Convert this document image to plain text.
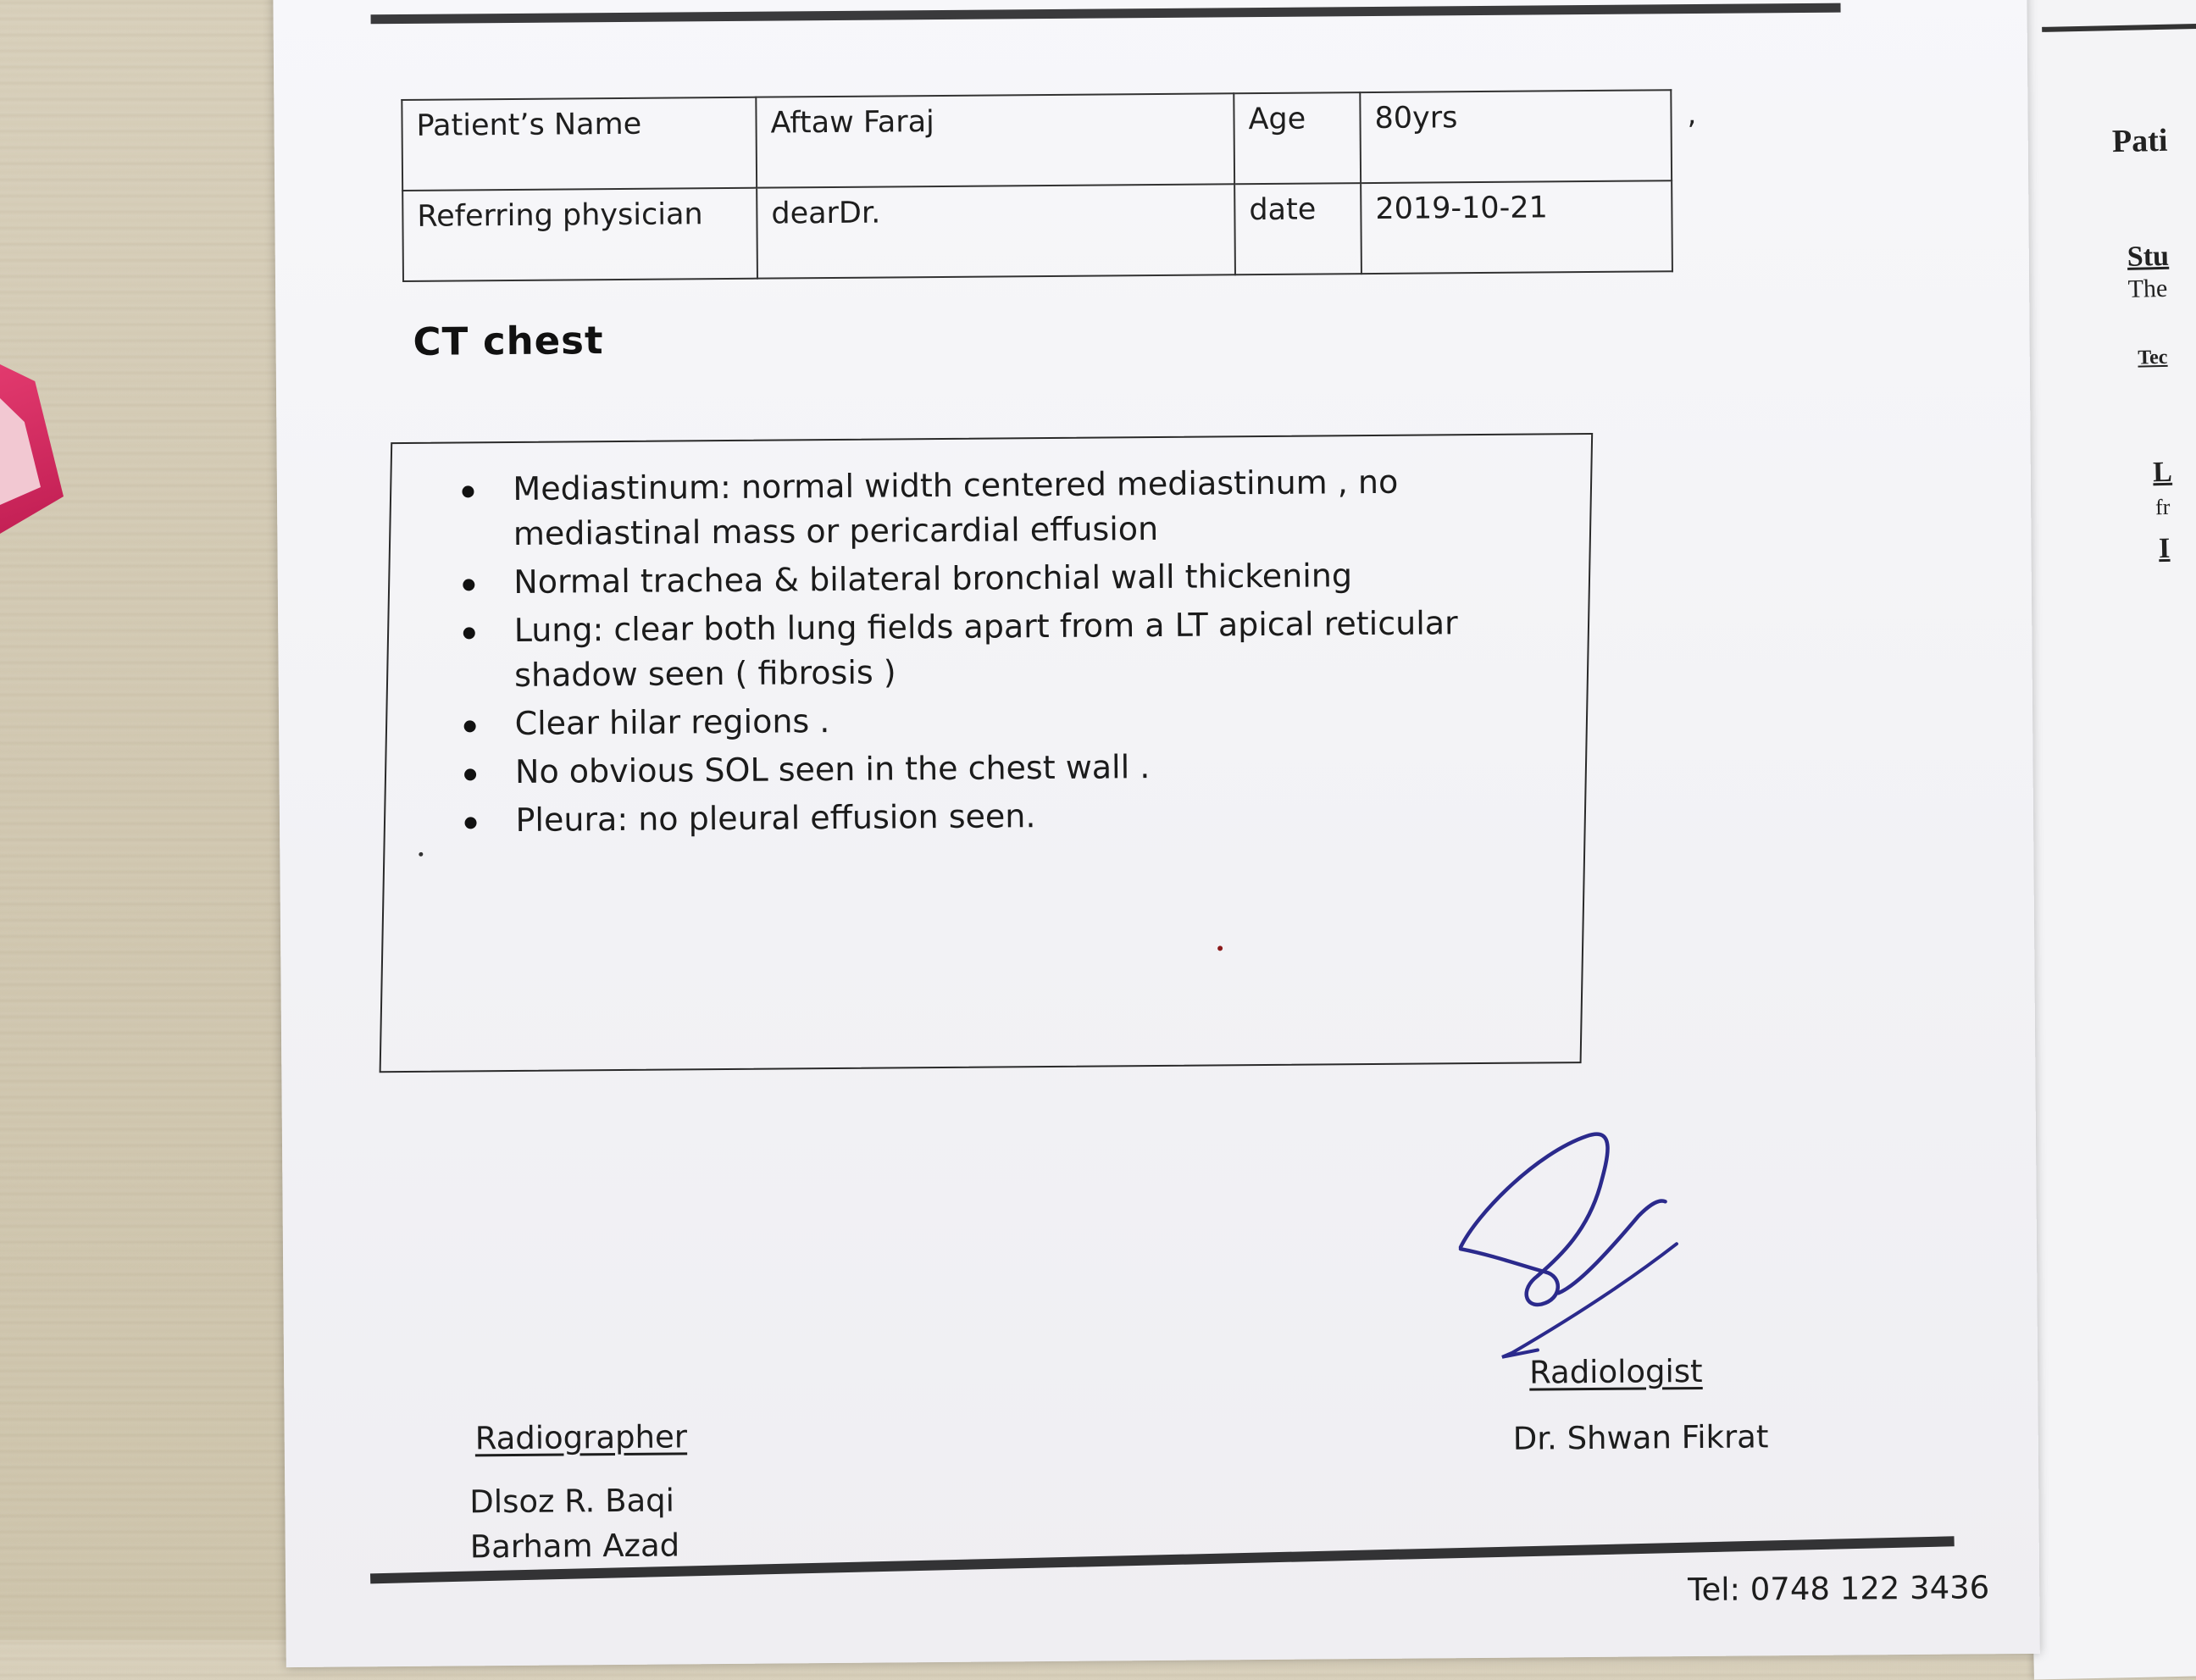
Pati
Stu
The
Tec
L
fr
I
Patient’s Name	Aftaw Faraj	Age	80yrs
Referring physician	dearDr.	date	2019-10-21
,
CT chest
Mediastinum: normal width centered mediastinum , no mediastinal mass or pericardial effusion
Normal trachea & bilateral bronchial wall thickening
Lung: clear both lung fields apart from a LT apical reticular shadow seen ( fibrosis )
Clear hilar regions .
No obvious SOL seen in the chest wall .
Pleura: no pleural effusion seen.
Radiographer
Dlsoz R. Baqi
Barham Azad
Radiologist
Dr. Shwan Fikrat
Tel: 0748 122 3436
